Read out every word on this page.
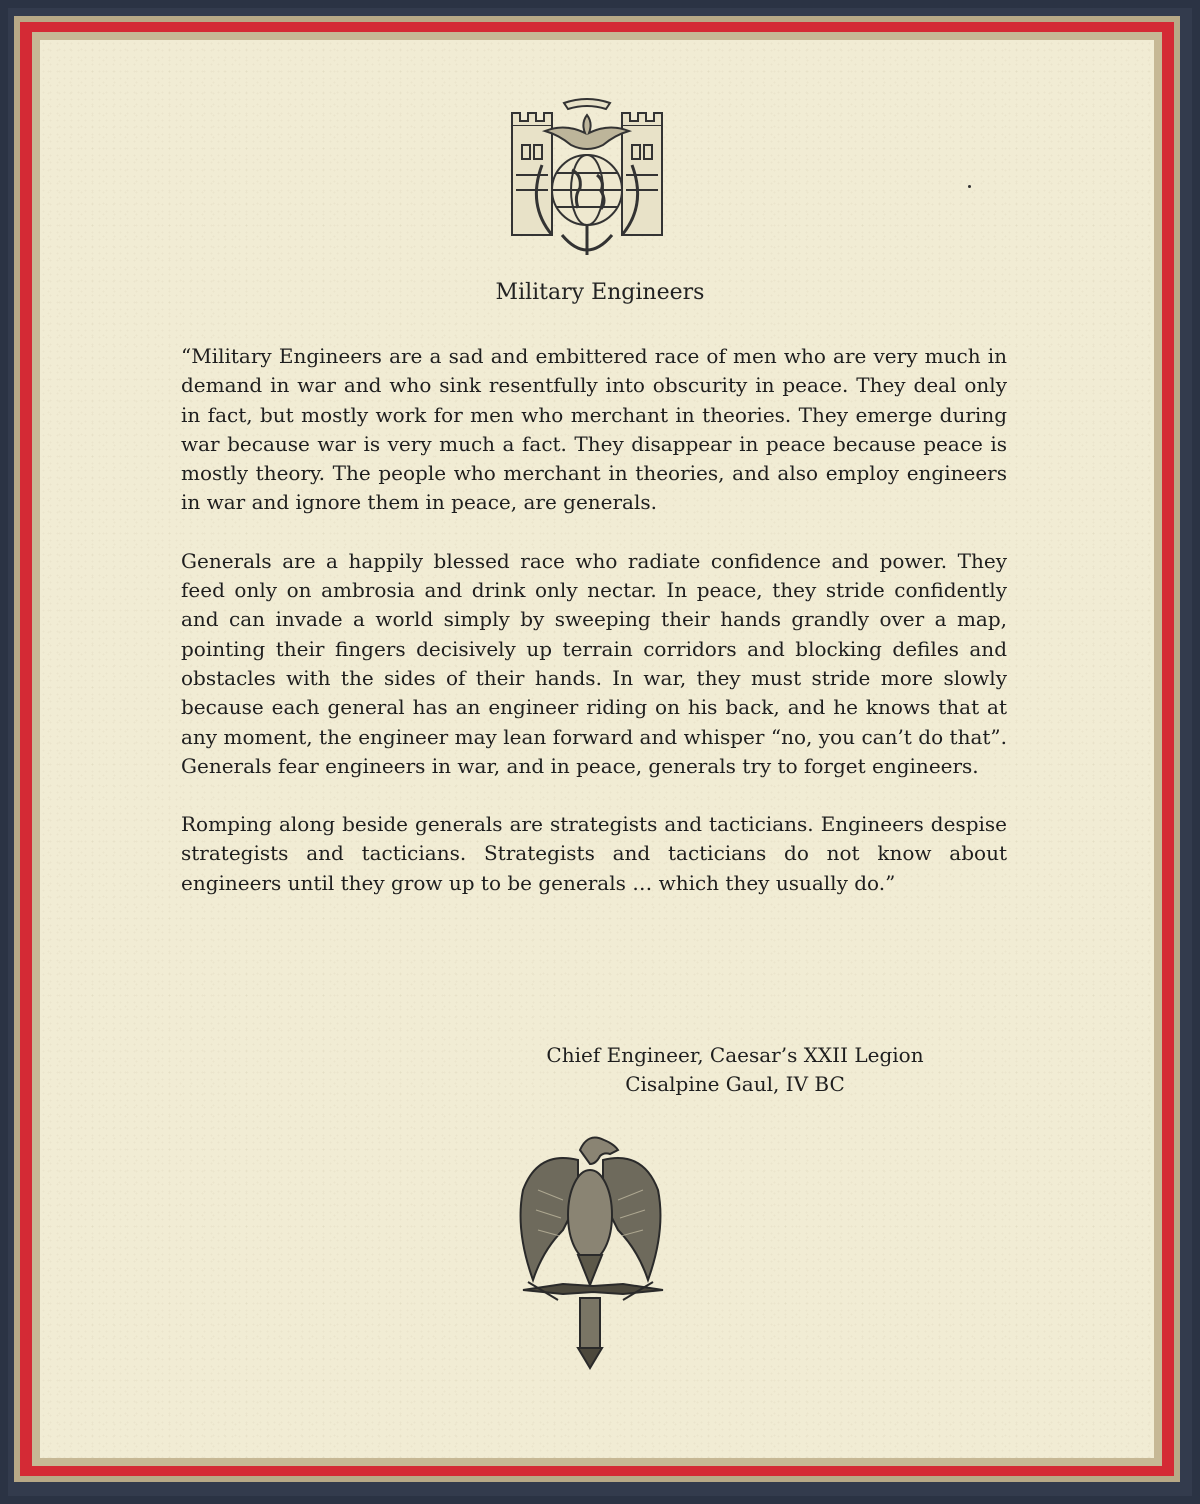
Military Engineers

“Military Engineers are a sad and embittered race of men who are very much in demand in war and who sink resentfully into obscurity in peace. They deal only in fact, but mostly work for men who merchant in theories. They emerge during war because war is very much a fact. They disappear in peace because peace is mostly theory. The people who merchant in theories, and also employ engineers in war and ignore them in peace, are generals.

Generals are a happily blessed race who radiate confidence and power. They feed only on ambrosia and drink only nectar. In peace, they stride confidently and can invade a world simply by sweeping their hands grandly over a map, pointing their fingers decisively up terrain corridors and blocking defiles and obstacles with the sides of their hands. In war, they must stride more slowly because each general has an engineer riding on his back, and he knows that at any moment, the engineer may lean forward and whisper “no, you can’t do that”. Generals fear engineers in war, and in peace, generals try to forget engineers.

Romping along beside generals are strategists and tacticians. Engineers despise strategists and tacticians. Strategists and tacticians do not know about engineers until they grow up to be generals … which they usually do.”

Chief Engineer, Caesar’s XXII Legion
Cisalpine Gaul, IV BC
